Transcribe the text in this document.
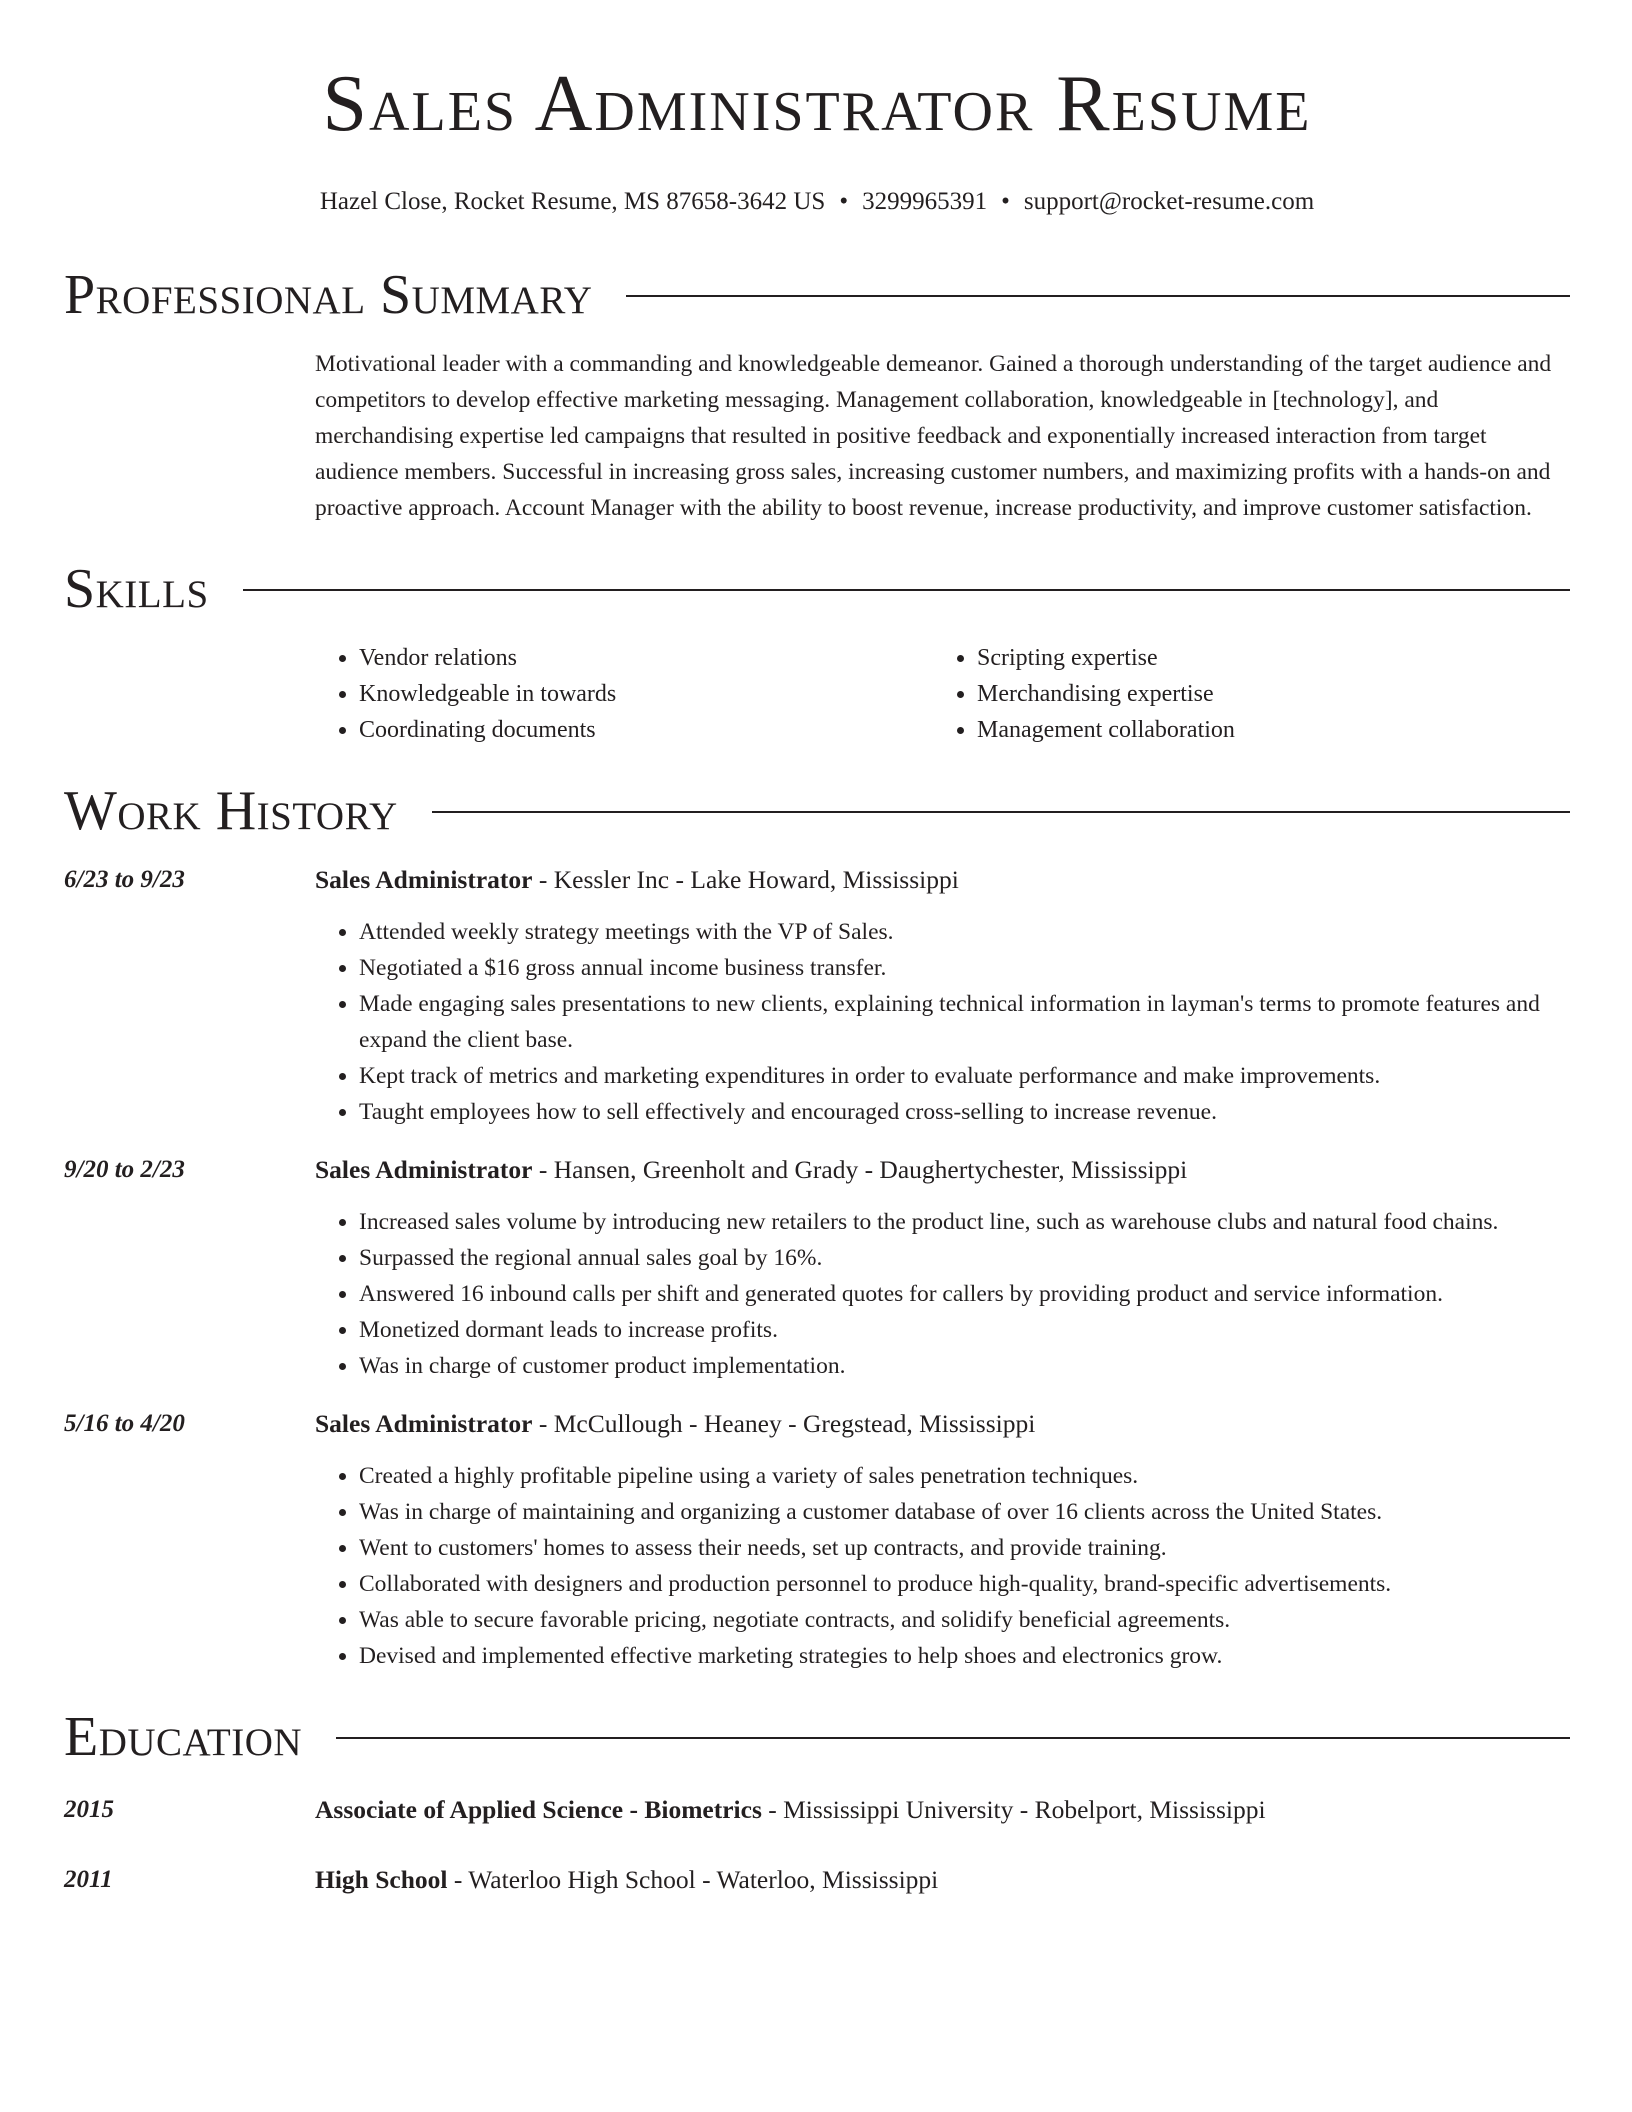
Sales Administrator Resume
Hazel Close, Rocket Resume, MS 87658-3642 US • 3299965391 • support@rocket-resume.com
Professional Summary
Motivational leader with a commanding and knowledgeable demeanor. Gained a thorough understanding of the target audience and competitors to develop effective marketing messaging. Management collaboration, knowledgeable in [technology], and merchandising expertise led campaigns that resulted in positive feedback and exponentially increased interaction from target audience members. Successful in increasing gross sales, increasing customer numbers, and maximizing profits with a hands-on and proactive approach. Account Manager with the ability to boost revenue, increase productivity, and improve customer satisfaction.
Skills
• Vendor relations
• Knowledgeable in towards
• Coordinating documents
• Scripting expertise
• Merchandising expertise
• Management collaboration
Work History
6/23 to 9/23	Sales Administrator - Kessler Inc - Lake Howard, Mississippi
• Attended weekly strategy meetings with the VP of Sales.
• Negotiated a $16 gross annual income business transfer.
• Made engaging sales presentations to new clients, explaining technical information in layman's terms to promote features and expand the client base.
• Kept track of metrics and marketing expenditures in order to evaluate performance and make improvements.
• Taught employees how to sell effectively and encouraged cross-selling to increase revenue.
9/20 to 2/23	Sales Administrator - Hansen, Greenholt and Grady - Daughertychester, Mississippi
• Increased sales volume by introducing new retailers to the product line, such as warehouse clubs and natural food chains.
• Surpassed the regional annual sales goal by 16%.
• Answered 16 inbound calls per shift and generated quotes for callers by providing product and service information.
• Monetized dormant leads to increase profits.
• Was in charge of customer product implementation.
5/16 to 4/20	Sales Administrator - McCullough - Heaney - Gregstead, Mississippi
• Created a highly profitable pipeline using a variety of sales penetration techniques.
• Was in charge of maintaining and organizing a customer database of over 16 clients across the United States.
• Went to customers' homes to assess their needs, set up contracts, and provide training.
• Collaborated with designers and production personnel to produce high-quality, brand-specific advertisements.
• Was able to secure favorable pricing, negotiate contracts, and solidify beneficial agreements.
• Devised and implemented effective marketing strategies to help shoes and electronics grow.
Education
2015	Associate of Applied Science - Biometrics - Mississippi University - Robelport, Mississippi
2011	High School - Waterloo High School - Waterloo, Mississippi
